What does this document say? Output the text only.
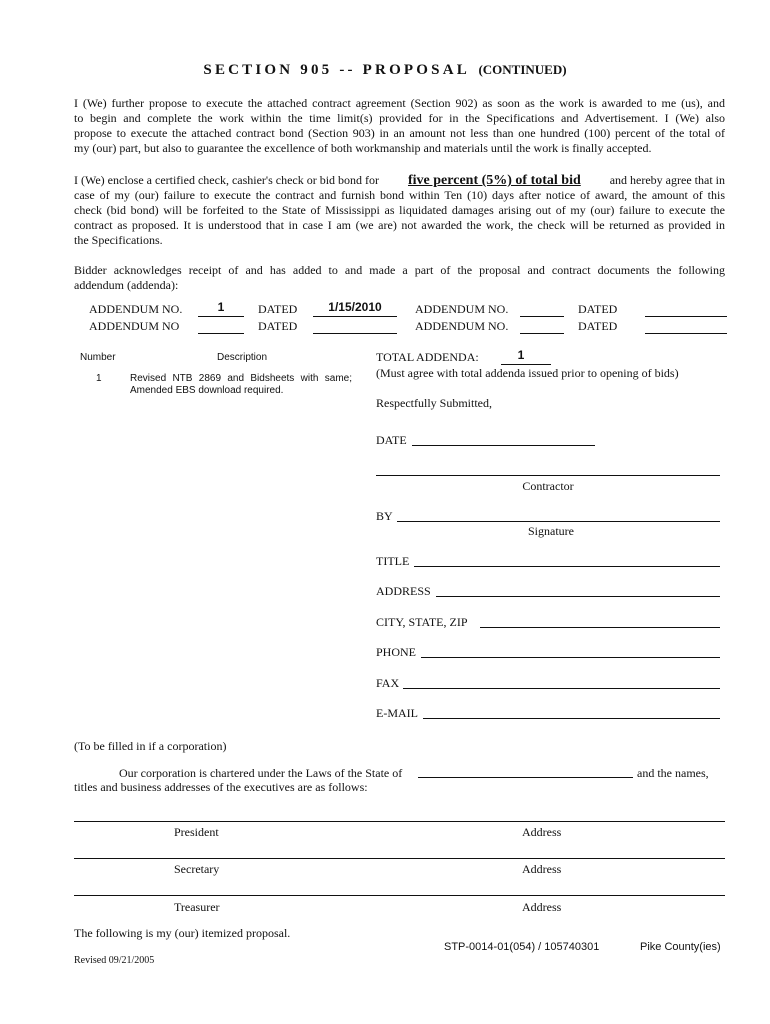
SECTION 905 -- PROPOSAL (CONTINUED)
I (We) further propose to execute the attached contract agreement (Section 902) as soon as the work is awarded to me (us), and
to begin and complete the work within the time limit(s) provided for in the Specifications and Advertisement. I (We) also
propose to execute the attached contract bond (Section 903) in an amount not less than one hundred (100) percent of the total of
my (our) part, but also to guarantee the excellence of both workmanship and materials until the work is finally accepted.
I (We) enclose a certified check, cashier's check or bid bond for five percent (5%) of total bid and hereby agree that in
case of my (our) failure to execute the contract and furnish bond within Ten (10) days after notice of award, the amount of this
check (bid bond) will be forfeited to the State of Mississippi as liquidated damages arising out of my (our) failure to execute the
contract as proposed. It is understood that in case I am (we are) not awarded the work, the check will be returned as provided in
the Specifications.
Bidder acknowledges receipt of and has added to and made a part of the proposal and contract documents the following
addendum (addenda):
ADDENDUM NO.	1	DATED	1/15/2010	ADDENDUM NO.	DATED
ADDENDUM NO	DATED	ADDENDUM NO.	DATED
Number	Description
1	Revised NTB 2869 and Bidsheets with same;
Amended EBS download required.
TOTAL ADDENDA:	1
(Must agree with total addenda issued prior to opening of bids)
Respectfully Submitted,
DATE
Contractor
BY
Signature
TITLE
ADDRESS
CITY, STATE, ZIP
PHONE
FAX
E-MAIL
(To be filled in if a corporation)
Our corporation is chartered under the Laws of the State of	and the names,
titles and business addresses of the executives are as follows:
President	Address
Secretary	Address
Treasurer	Address
The following is my (our) itemized proposal.
STP-0014-01(054) / 105740301	Pike County(ies)
Revised 09/21/2005
